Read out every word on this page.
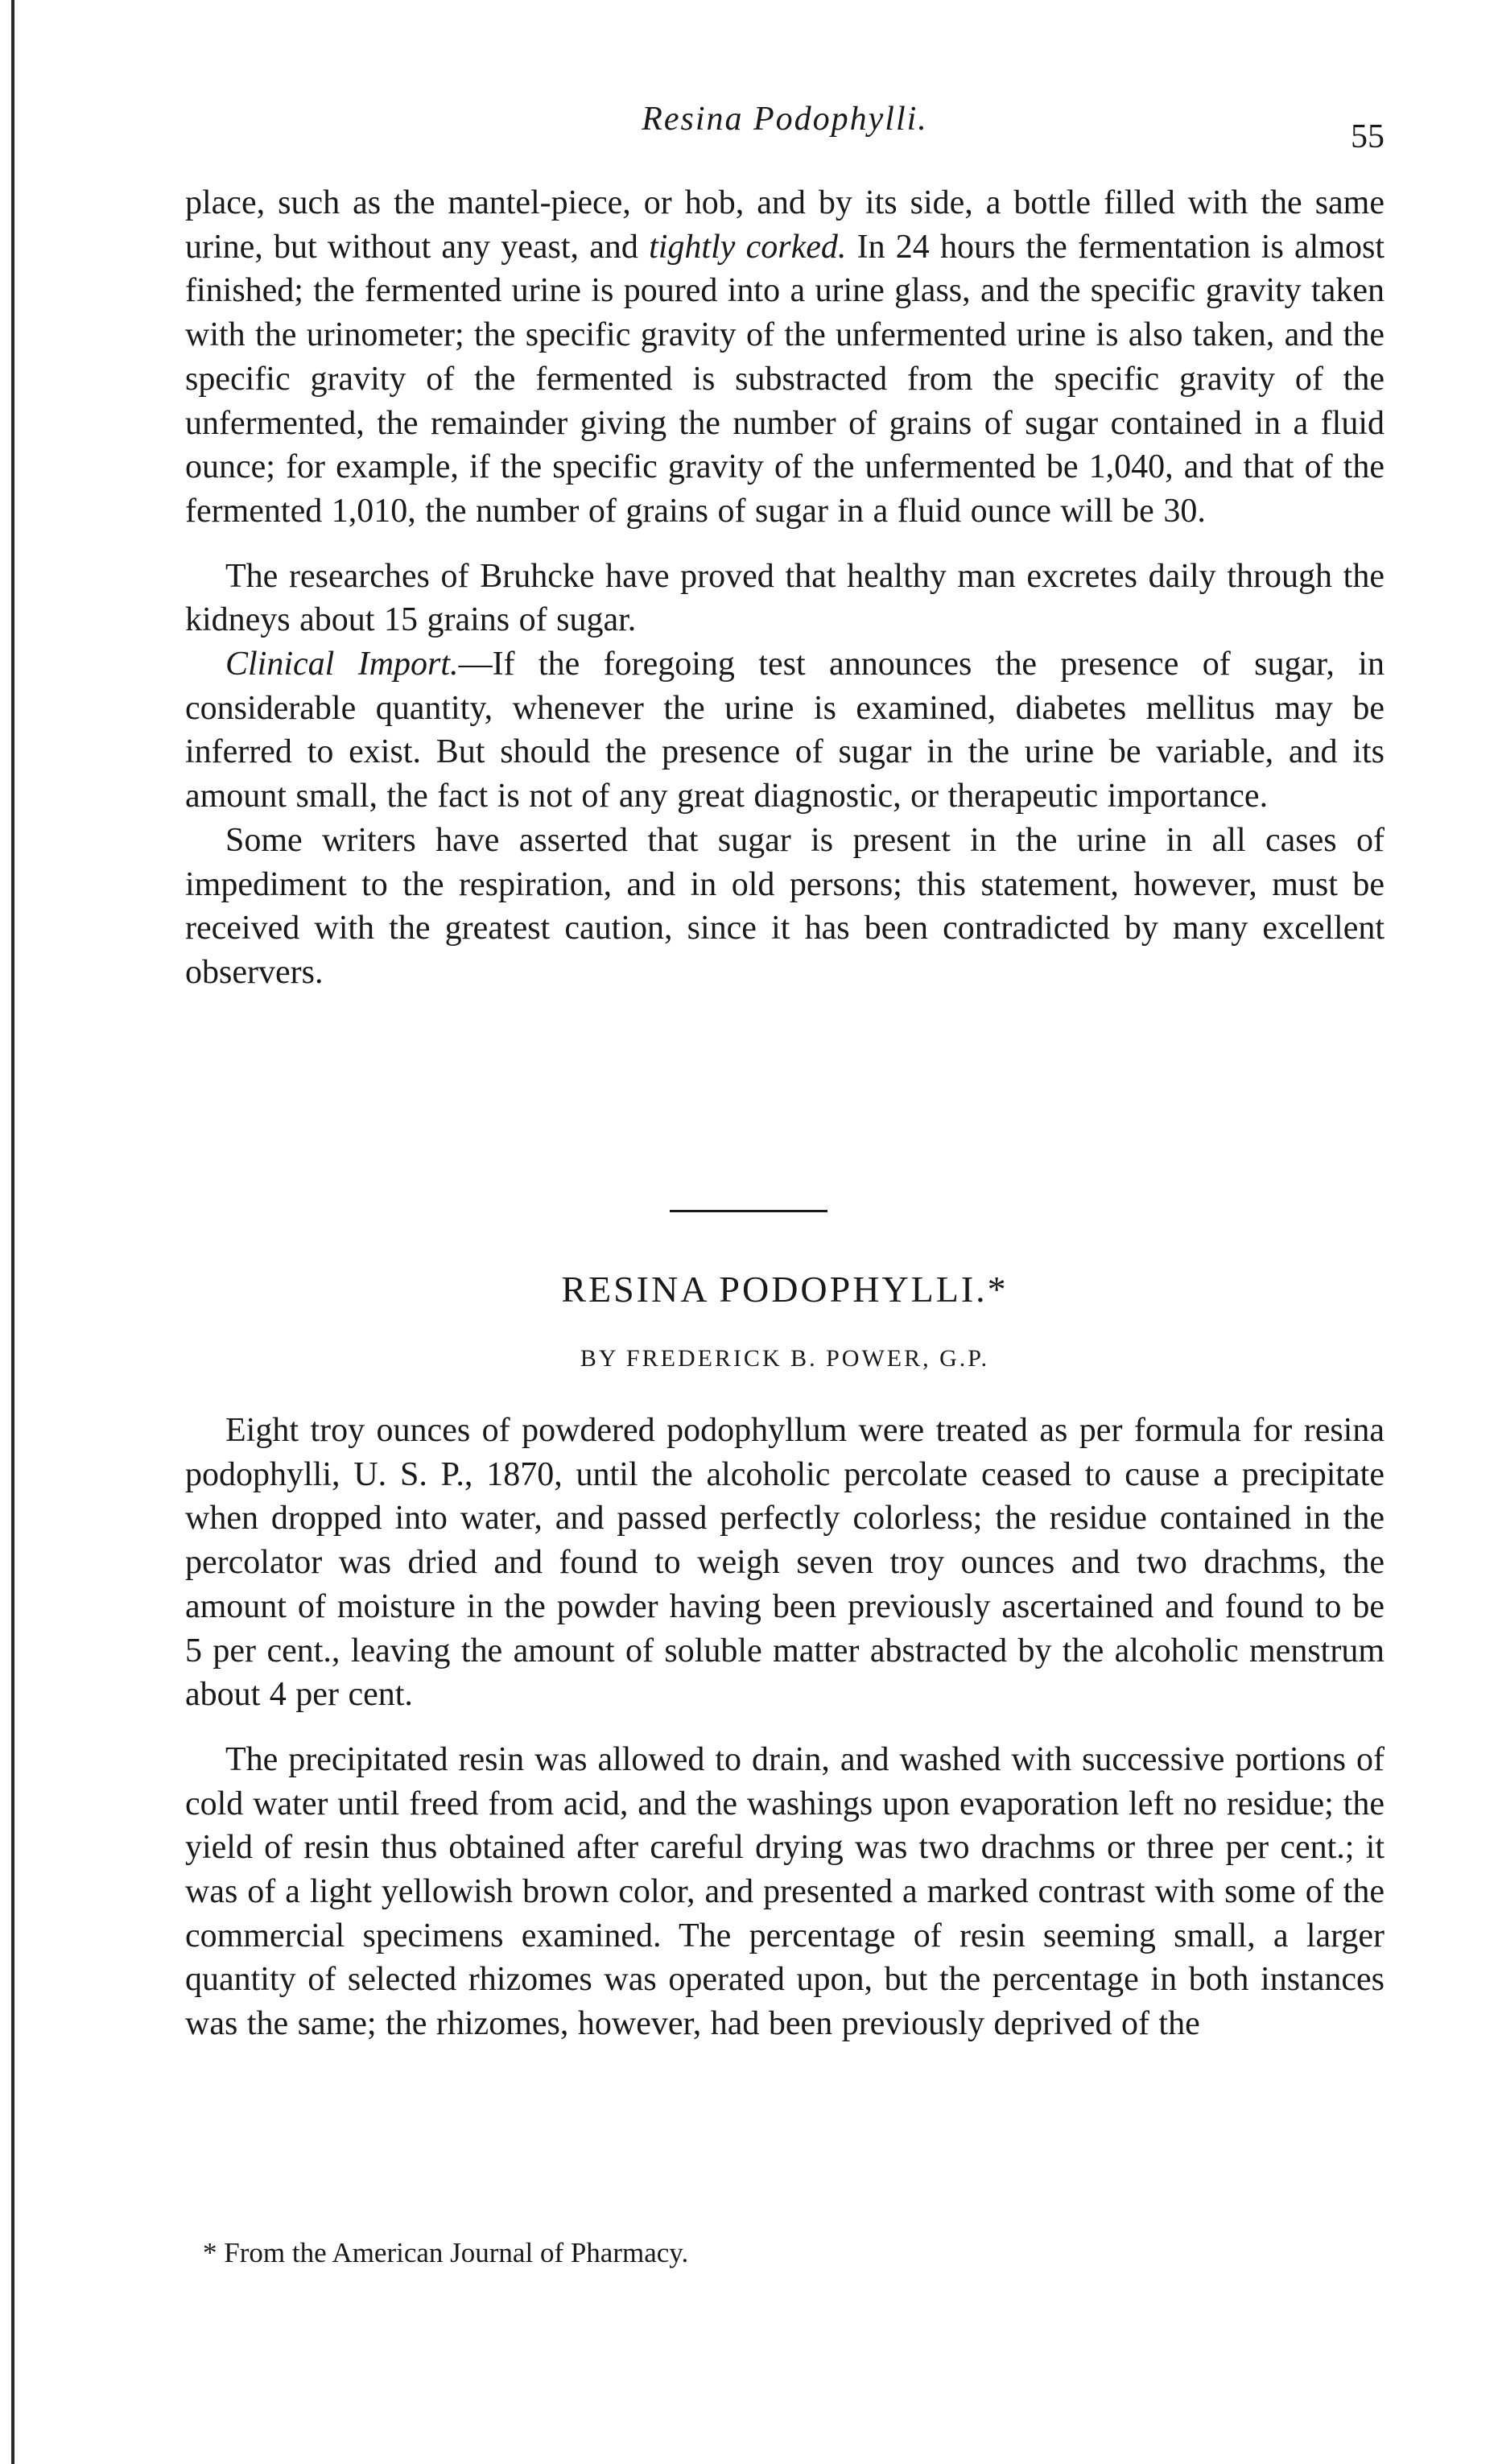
Resina Podophylli.	55

place, such as the mantel-piece, or hob, and by its side, a bottle filled with the same urine, but without any yeast, and tightly corked. In 24 hours the fermentation is almost finished; the fermented urine is poured into a urine glass, and the specific gravity taken with the urinometer; the specific gravity of the unfermented urine is also taken, and the specific gravity of the fermented is substracted from the specific gravity of the unfermented, the remainder giving the number of grains of sugar contained in a fluid ounce; for example, if the specific gravity of the unfermented be 1,040, and that of the fermented 1,010, the number of grains of sugar in a fluid ounce will be 30.

The researches of Bruhcke have proved that healthy man excretes daily through the kidneys about 15 grains of sugar.

Clinical Import.—If the foregoing test announces the presence of sugar, in considerable quantity, whenever the urine is examined, diabetes mellitus may be inferred to exist. But should the presence of sugar in the urine be variable, and its amount small, the fact is not of any great diagnostic, or therapeutic importance.

Some writers have asserted that sugar is present in the urine in all cases of impediment to the respiration, and in old persons; this statement, however, must be received with the greatest caution, since it has been contradicted by many excellent observers.

RESINA PODOPHYLLI.*
BY FREDERICK B. POWER, G.P.

Eight troy ounces of powdered podophyllum were treated as per formula for resina podophylli, U. S. P., 1870, until the alcoholic percolate ceased to cause a precipitate when dropped into water, and passed perfectly colorless; the residue contained in the percolator was dried and found to weigh seven troy ounces and two drachms, the amount of moisture in the powder having been previously ascertained and found to be 5 per cent., leaving the amount of soluble matter abstracted by the alcoholic menstrum about 4 per cent.

The precipitated resin was allowed to drain, and washed with successive portions of cold water until freed from acid, and the washings upon evaporation left no residue; the yield of resin thus obtained after careful drying was two drachms or three per cent.; it was of a light yellowish brown color, and presented a marked contrast with some of the commercial specimens examined. The percentage of resin seeming small, a larger quantity of selected rhizomes was operated upon, but the percentage in both instances was the same; the rhizomes, however, had been previously deprived of the

* From the American Journal of Pharmacy.
